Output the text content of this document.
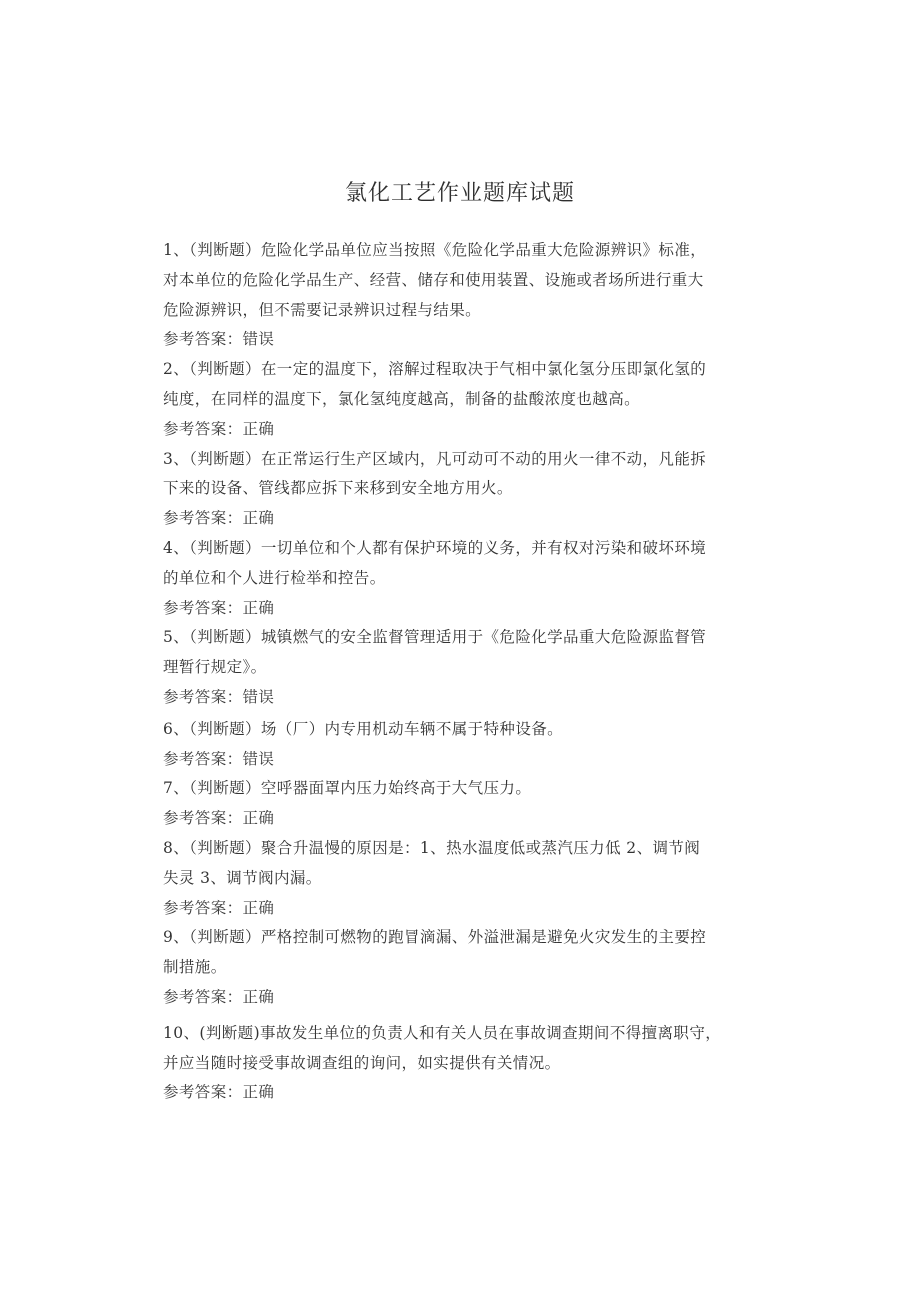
氯化工艺作业题库试题
1、（判断题）危险化学品单位应当按照《危险化学品重大危险源辨识》标准，
对本单位的危险化学品生产、经营、储存和使用装置、设施或者场所进行重大
危险源辨识，但不需要记录辨识过程与结果。
参考答案：错误
2、（判断题）在一定的温度下，溶解过程取决于气相中氯化氢分压即氯化氢的
纯度，在同样的温度下，氯化氢纯度越高，制备的盐酸浓度也越高。
参考答案：正确
3、（判断题）在正常运行生产区域内，凡可动可不动的用火一律不动，凡能拆
下来的设备、管线都应拆下来移到安全地方用火。
参考答案：正确
4、（判断题）一切单位和个人都有保护环境的义务，并有权对污染和破坏环境
的单位和个人进行检举和控告。
参考答案：正确
5、（判断题）城镇燃气的安全监督管理适用于《危险化学品重大危险源监督管
理暂行规定》。
参考答案：错误
6、（判断题）场（厂）内专用机动车辆不属于特种设备。
参考答案：错误
7、（判断题）空呼器面罩内压力始终高于大气压力。
参考答案：正确
8、（判断题）聚合升温慢的原因是：1、热水温度低或蒸汽压力低 2、调节阀
失灵 3、调节阀内漏。
参考答案：正确
9、（判断题）严格控制可燃物的跑冒滴漏、外溢泄漏是避免火灾发生的主要控
制措施。
参考答案：正确
10、(判断题)事故发生单位的负责人和有关人员在事故调查期间不得擅离职守，
并应当随时接受事故调查组的询问，如实提供有关情况。
参考答案：正确
